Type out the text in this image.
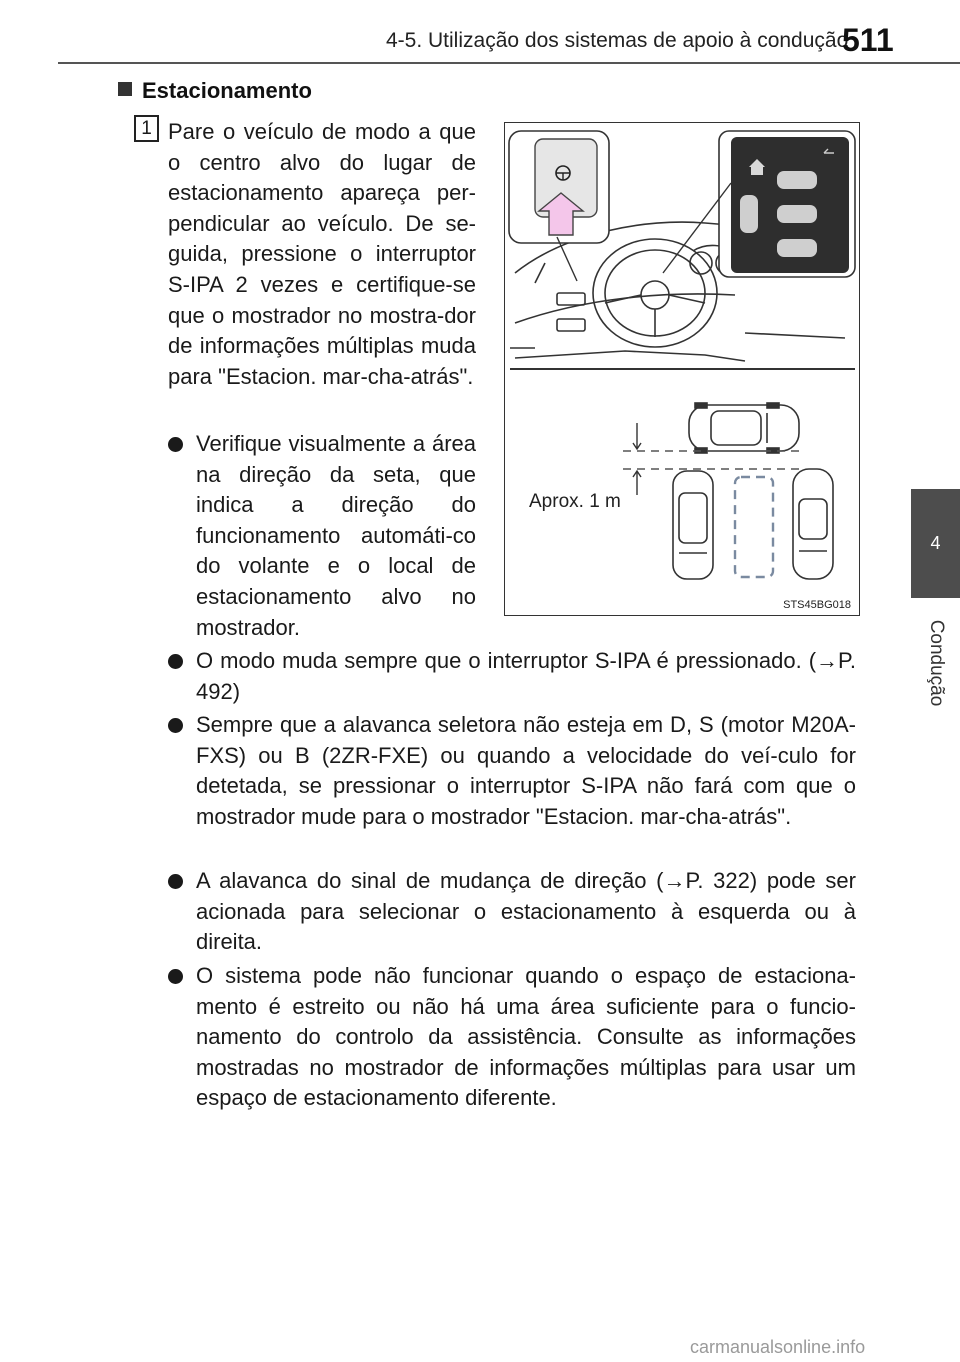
4-5. Utilização dos sistemas de apoio à condução
511
4
Condução
Estacionamento
1 Pare o veículo de modo a que o centro alvo do lugar de estacionamento apareça per-pendicular ao veículo. De se-guida, pressione o interruptor S-IPA 2 vezes e certifique-se que o mostrador no mostra-dor de informações múltiplas muda para "Estacion. mar-cha-atrás".
Verifique visualmente a área na direção da seta, que indica a direção do funcionamento automáti-co do volante e o local de estacionamento alvo no mostrador.
O modo muda sempre que o interruptor S-IPA é pressionado. (→P. 492)
Sempre que a alavanca seletora não esteja em D, S (motor M20A-FXS) ou B (2ZR-FXE) ou quando a velocidade do veí-culo for detetada, se pressionar o interruptor S-IPA não fará com que o mostrador mude para o mostrador "Estacion. mar-cha-atrás".
A alavanca do sinal de mudança de direção (→P. 322) pode ser acionada para selecionar o estacionamento à esquerda ou à direita.
O sistema pode não funcionar quando o espaço de estaciona-mento é estreito ou não há uma área suficiente para o funcio-namento do controlo da assistência. Consulte as informações mostradas no mostrador de informações múltiplas para usar um espaço de estacionamento diferente.
Aprox. 1 m
STS45BG018
carmanualsonline.info
